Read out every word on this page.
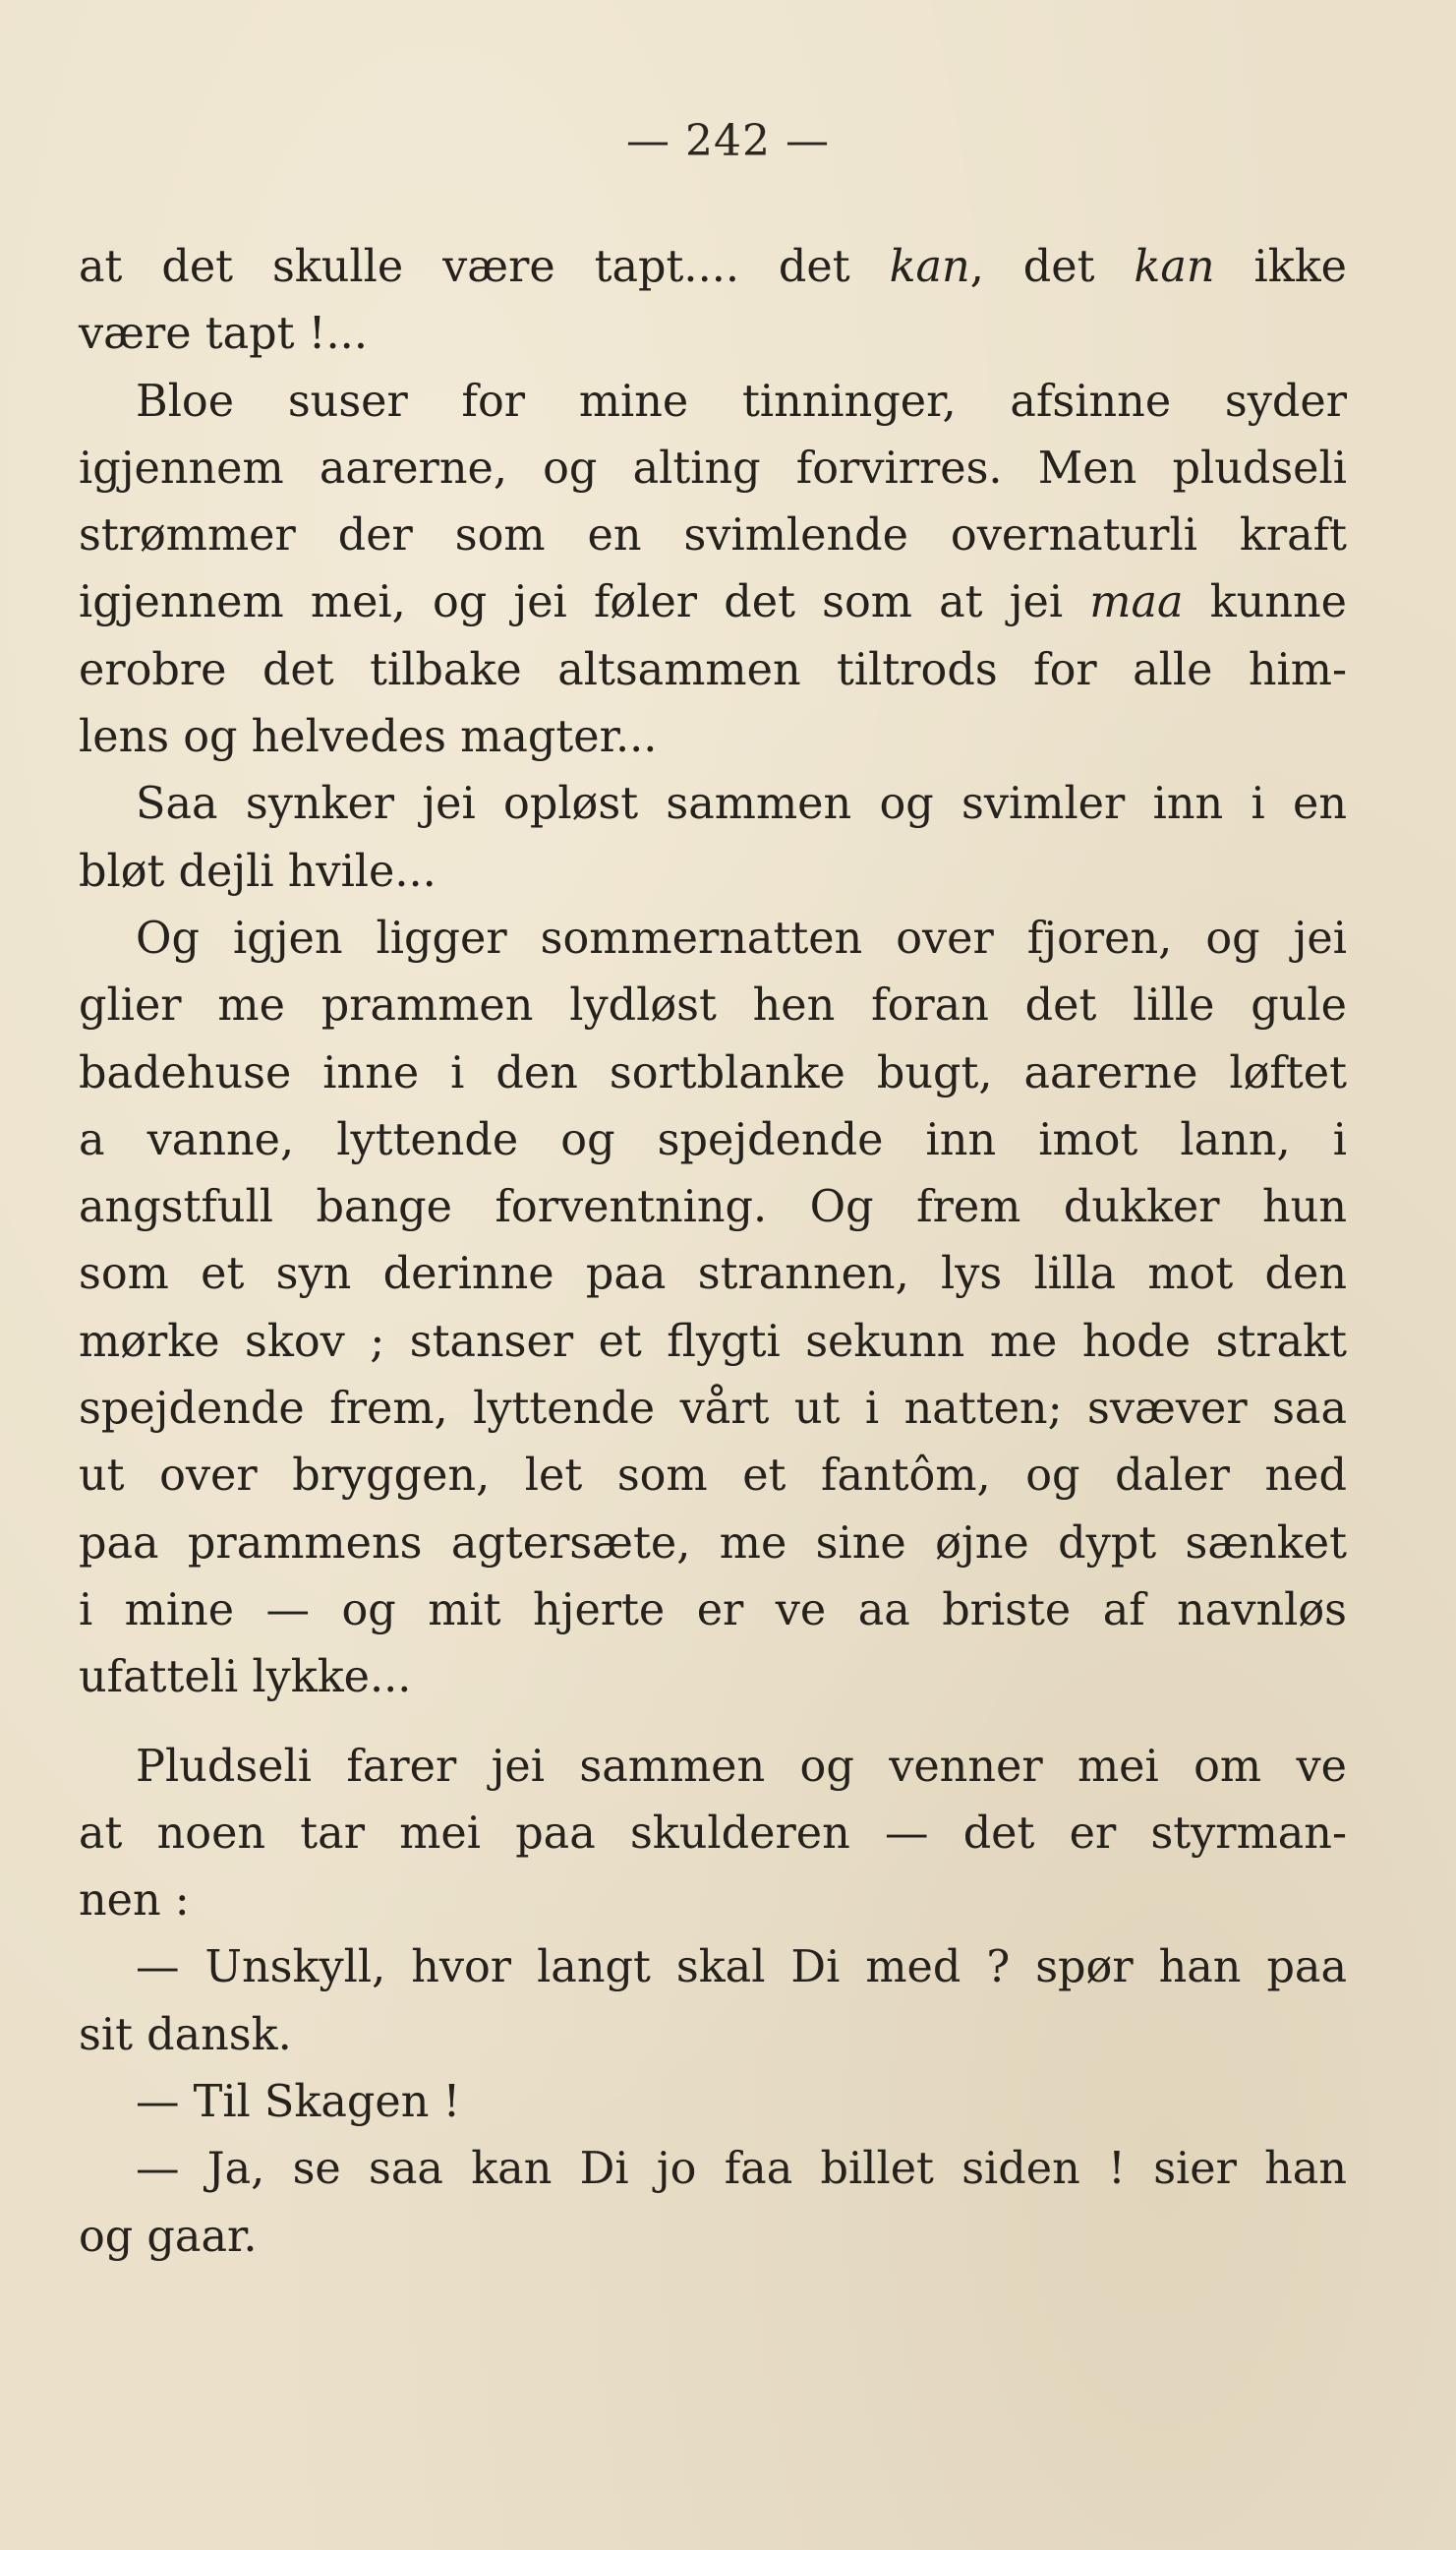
— 242 —
at det skulle være tapt.... det kan, det kan ikke
være tapt !...
Bloe suser for mine tinninger, afsinne syder
igjennem aarerne, og alting forvirres. Men pludseli
strømmer der som en svimlende overnaturli kraft
igjennem mei, og jei føler det som at jei maa kunne
erobre det tilbake altsammen tiltrods for alle him-
lens og helvedes magter...
Saa synker jei opløst sammen og svimler inn i en
bløt dejli hvile...
Og igjen ligger sommernatten over fjoren, og jei
glier me prammen lydløst hen foran det lille gule
badehuse inne i den sortblanke bugt, aarerne løftet
a vanne, lyttende og spejdende inn imot lann, i
angstfull bange forventning. Og frem dukker hun
som et syn derinne paa strannen, lys lilla mot den
mørke skov ; stanser et flygti sekunn me hode strakt
spejdende frem, lyttende vårt ut i natten; svæver saa
ut over bryggen, let som et fantôm, og daler ned
paa prammens agtersæte, me sine øjne dypt sænket
i mine — og mit hjerte er ve aa briste af navnløs
ufatteli lykke...
Pludseli farer jei sammen og venner mei om ve
at noen tar mei paa skulderen — det er styrman-
nen :
— Unskyll, hvor langt skal Di med ? spør han paa
sit dansk.
— Til Skagen !
— Ja, se saa kan Di jo faa billet siden ! sier han
og gaar.
